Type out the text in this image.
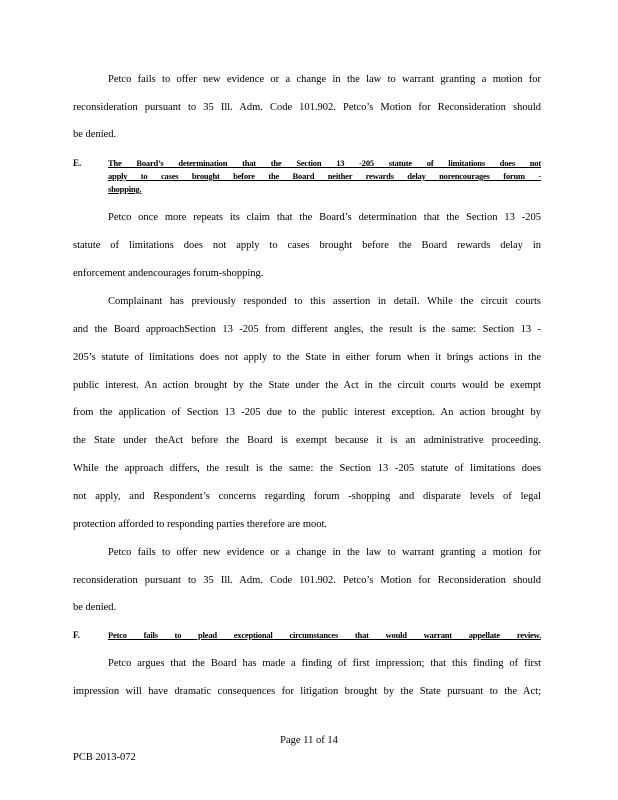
Petco fails to offer new evidence or a change in the law to warrant granting a motion for
reconsideration pursuant to 35 Ill. Adm. Code 101.902. Petco’s Motion for Reconsideration should
be denied.
E.	The Board’s determination that the Section 13 -205 statute of limitations does not
apply to cases brought before the Board neither rewards delay norencourages forum -
shopping.
Petco once more repeats its claim that the Board’s determination that the Section 13 -205
statute of limitations does not apply to cases brought before the Board rewards delay in
enforcement andencourages forum-shopping.
Complainant has previously responded to this assertion in detail. While the circuit courts
and the Board approachSection 13 -205 from different angles, the result is the same: Section 13 -
205’s statute of limitations does not apply to the State in either forum when it brings actions in the
public interest. An action brought by the State under the Act in the circuit courts would be exempt
from the application of Section 13 -205 due to the public interest exception. An action brought by
the State under theAct before the Board is exempt because it is an administrative proceeding.
While the approach differs, the result is the same: the Section 13 -205 statute of limitations does
not apply, and Respondent’s concerns regarding forum -shopping and disparate levels of legal
protection afforded to responding parties therefore are moot.
Petco fails to offer new evidence or a change in the law to warrant granting a motion for
reconsideration pursuant to 35 Ill. Adm. Code 101.902. Petco’s Motion for Reconsideration should
be denied.
F.	Petco fails to plead exceptional circumstances that would warrant appellate review.
Petco argues that the Board has made a finding of first impression; that this finding of first
impression will have dramatic consequences for litigation brought by the State pursuant to the Act;
Page 11 of 14
PCB 2013-072
